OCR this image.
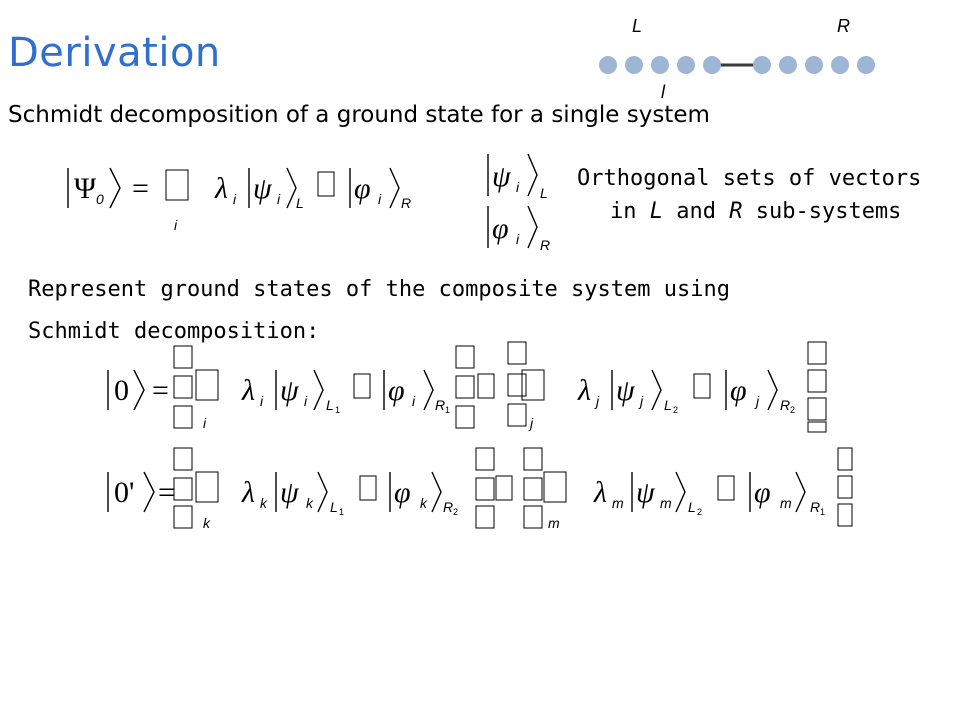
Derivation
L	R
l
Schmidt decomposition of a ground state for a single system
Ψ 0 =
i
λ i ψ i L φ i R
ψ i L
φ i R
Orthogonal sets of vectors
in L and R sub-systems
Represent ground states of the composite system using
Schmidt decomposition:
0 =
i
λ i ψ i L 1
φ i R 1
j
λ j ψ j L 2
φ j R 2
0' =
k
λ k ψ k L 1
φ k R 2
m
λ m ψ m L 2
φ m R 1
